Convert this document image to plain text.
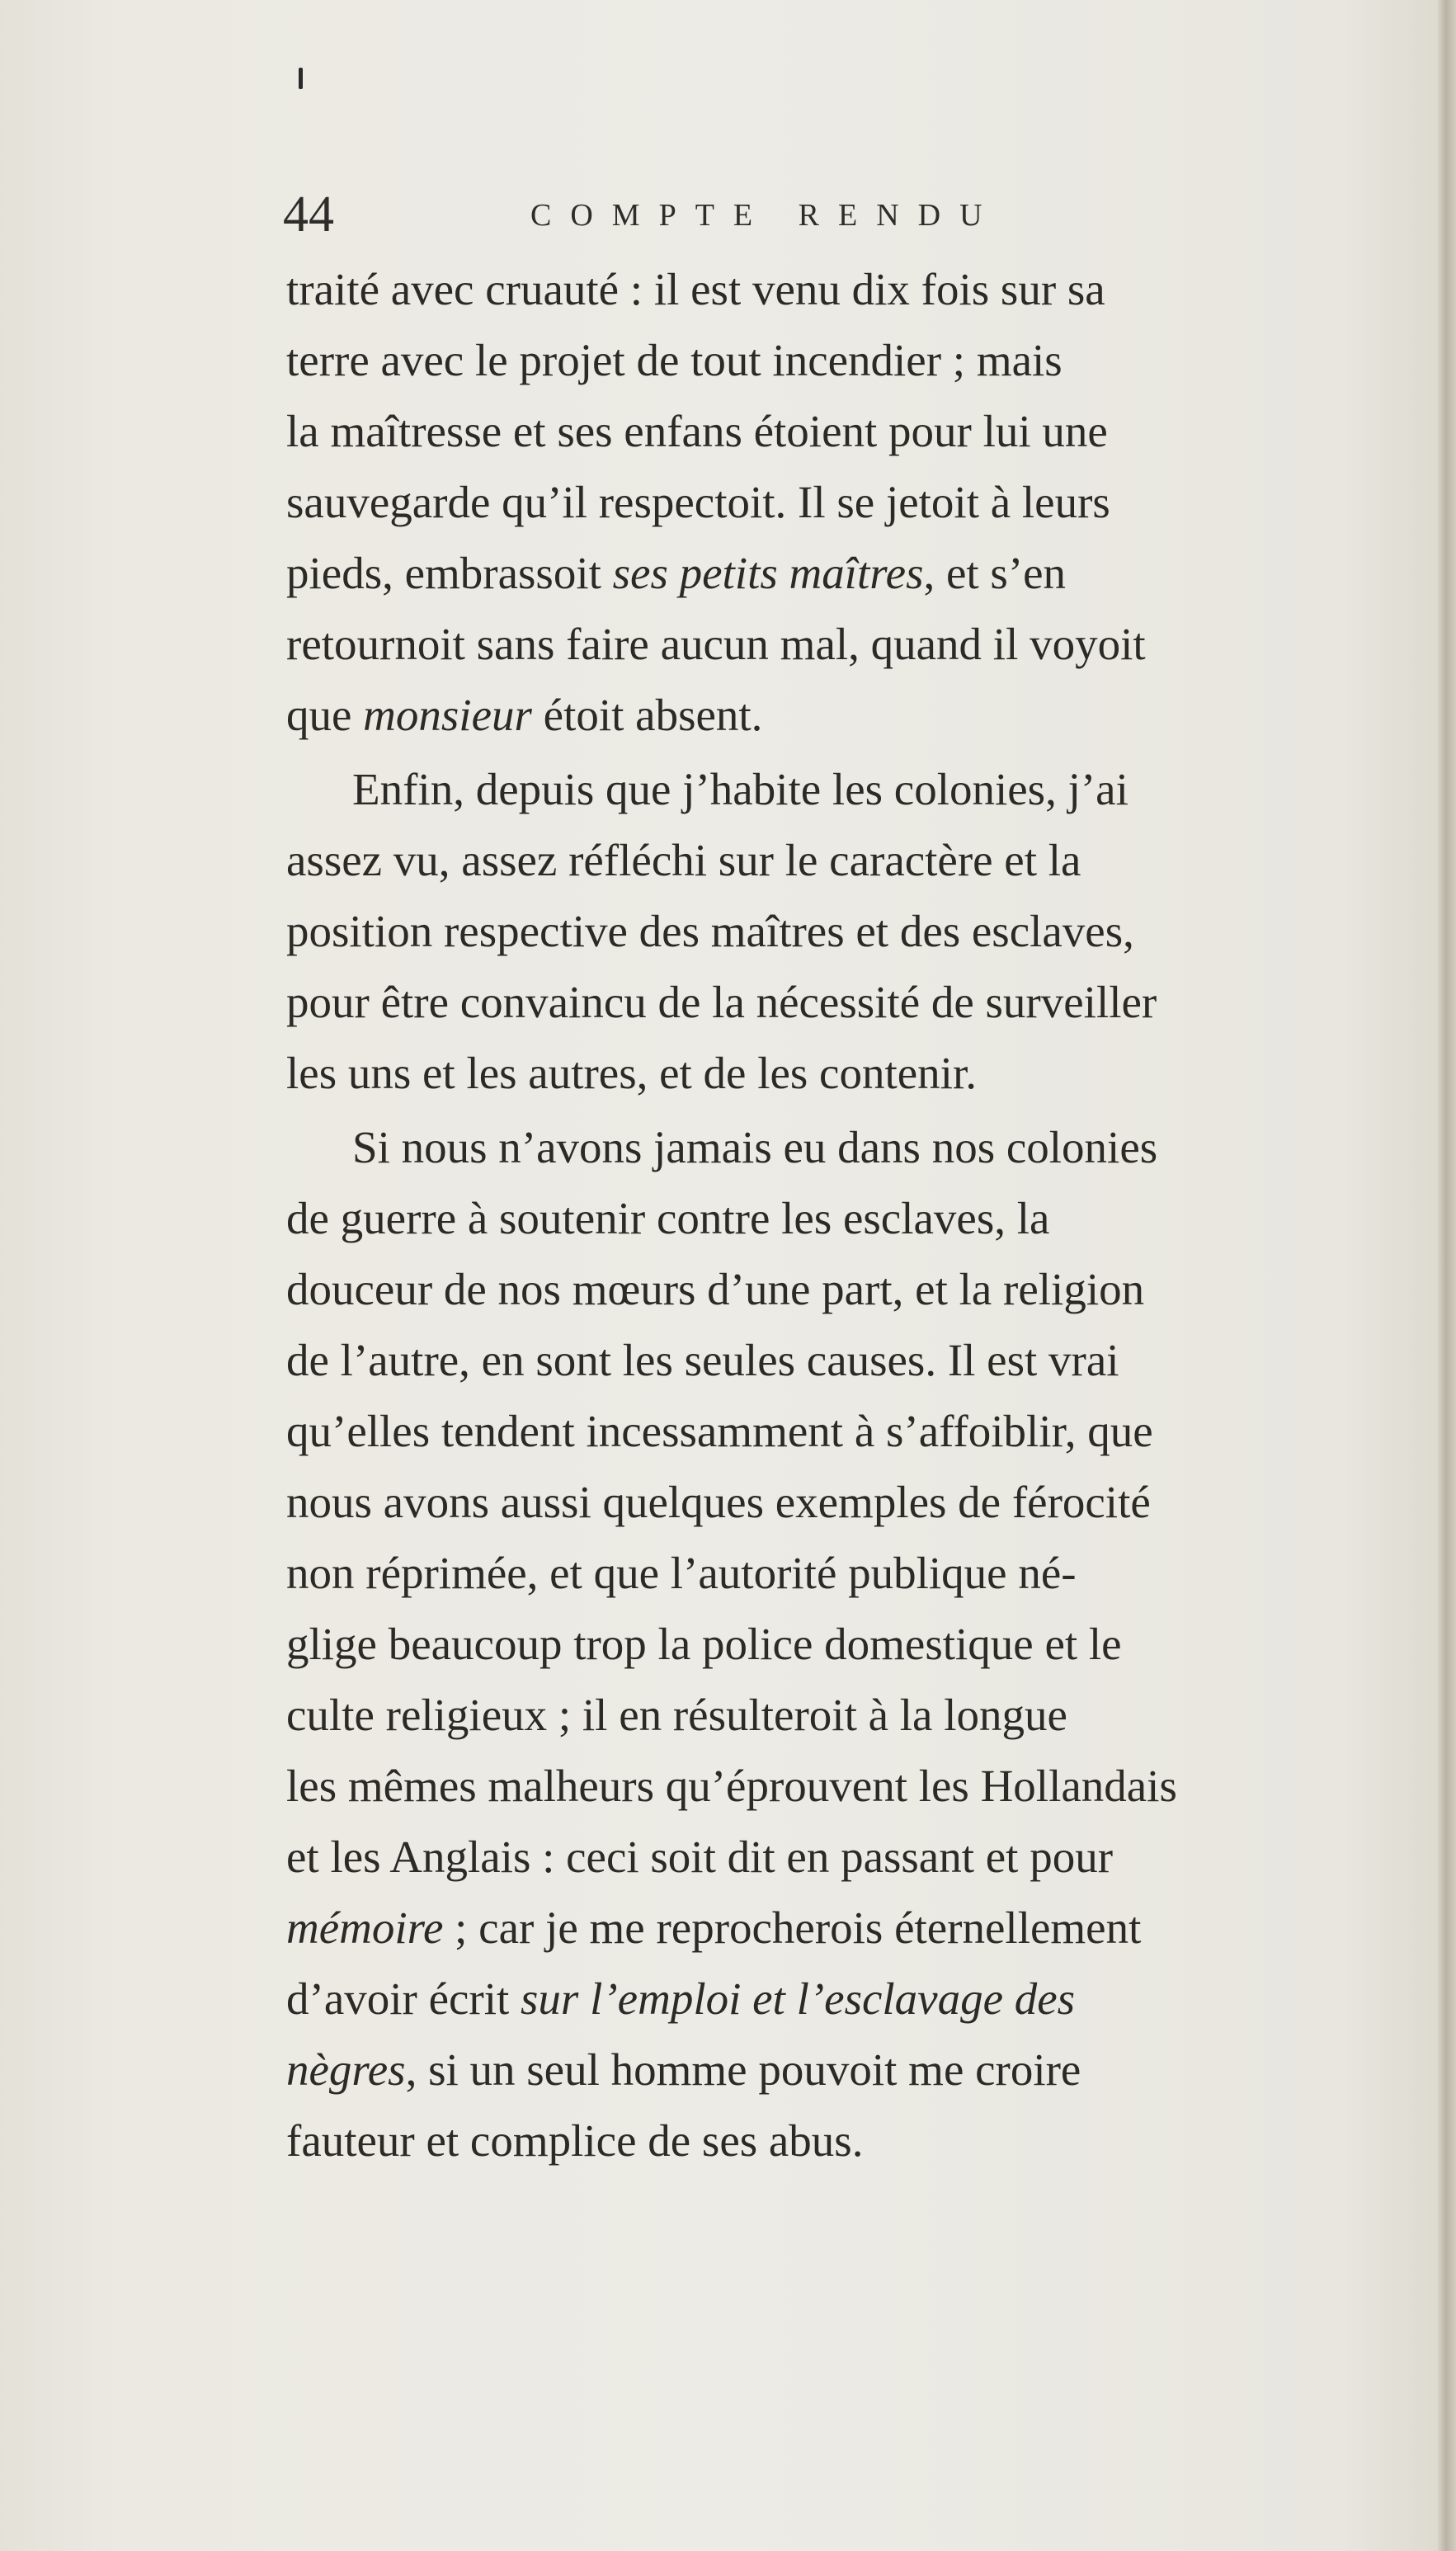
44	COMPTE RENDU
traité avec cruauté : il est venu dix fois sur sa
terre avec le projet de tout incendier ; mais
la maîtresse et ses enfans étoient pour lui une
sauvegarde qu’il respectoit. Il se jetoit à leurs
pieds, embrassoit ses petits maîtres, et s’en
retournoit sans faire aucun mal, quand il voyoit
que monsieur étoit absent.
Enfin, depuis que j’habite les colonies, j’ai
assez vu, assez réfléchi sur le caractère et la
position respective des maîtres et des esclaves,
pour être convaincu de la nécessité de surveiller
les uns et les autres, et de les contenir.
Si nous n’avons jamais eu dans nos colonies
de guerre à soutenir contre les esclaves, la
douceur de nos mœurs d’une part, et la religion
de l’autre, en sont les seules causes. Il est vrai
qu’elles tendent incessamment à s’affoiblir, que
nous avons aussi quelques exemples de férocité
non réprimée, et que l’autorité publique né-
glige beaucoup trop la police domestique et le
culte religieux ; il en résulteroit à la longue
les mêmes malheurs qu’éprouvent les Hollandais
et les Anglais : ceci soit dit en passant et pour
mémoire ; car je me reprocherois éternellement
d’avoir écrit sur l’emploi et l’esclavage des
nègres, si un seul homme pouvoit me croire
fauteur et complice de ses abus.
